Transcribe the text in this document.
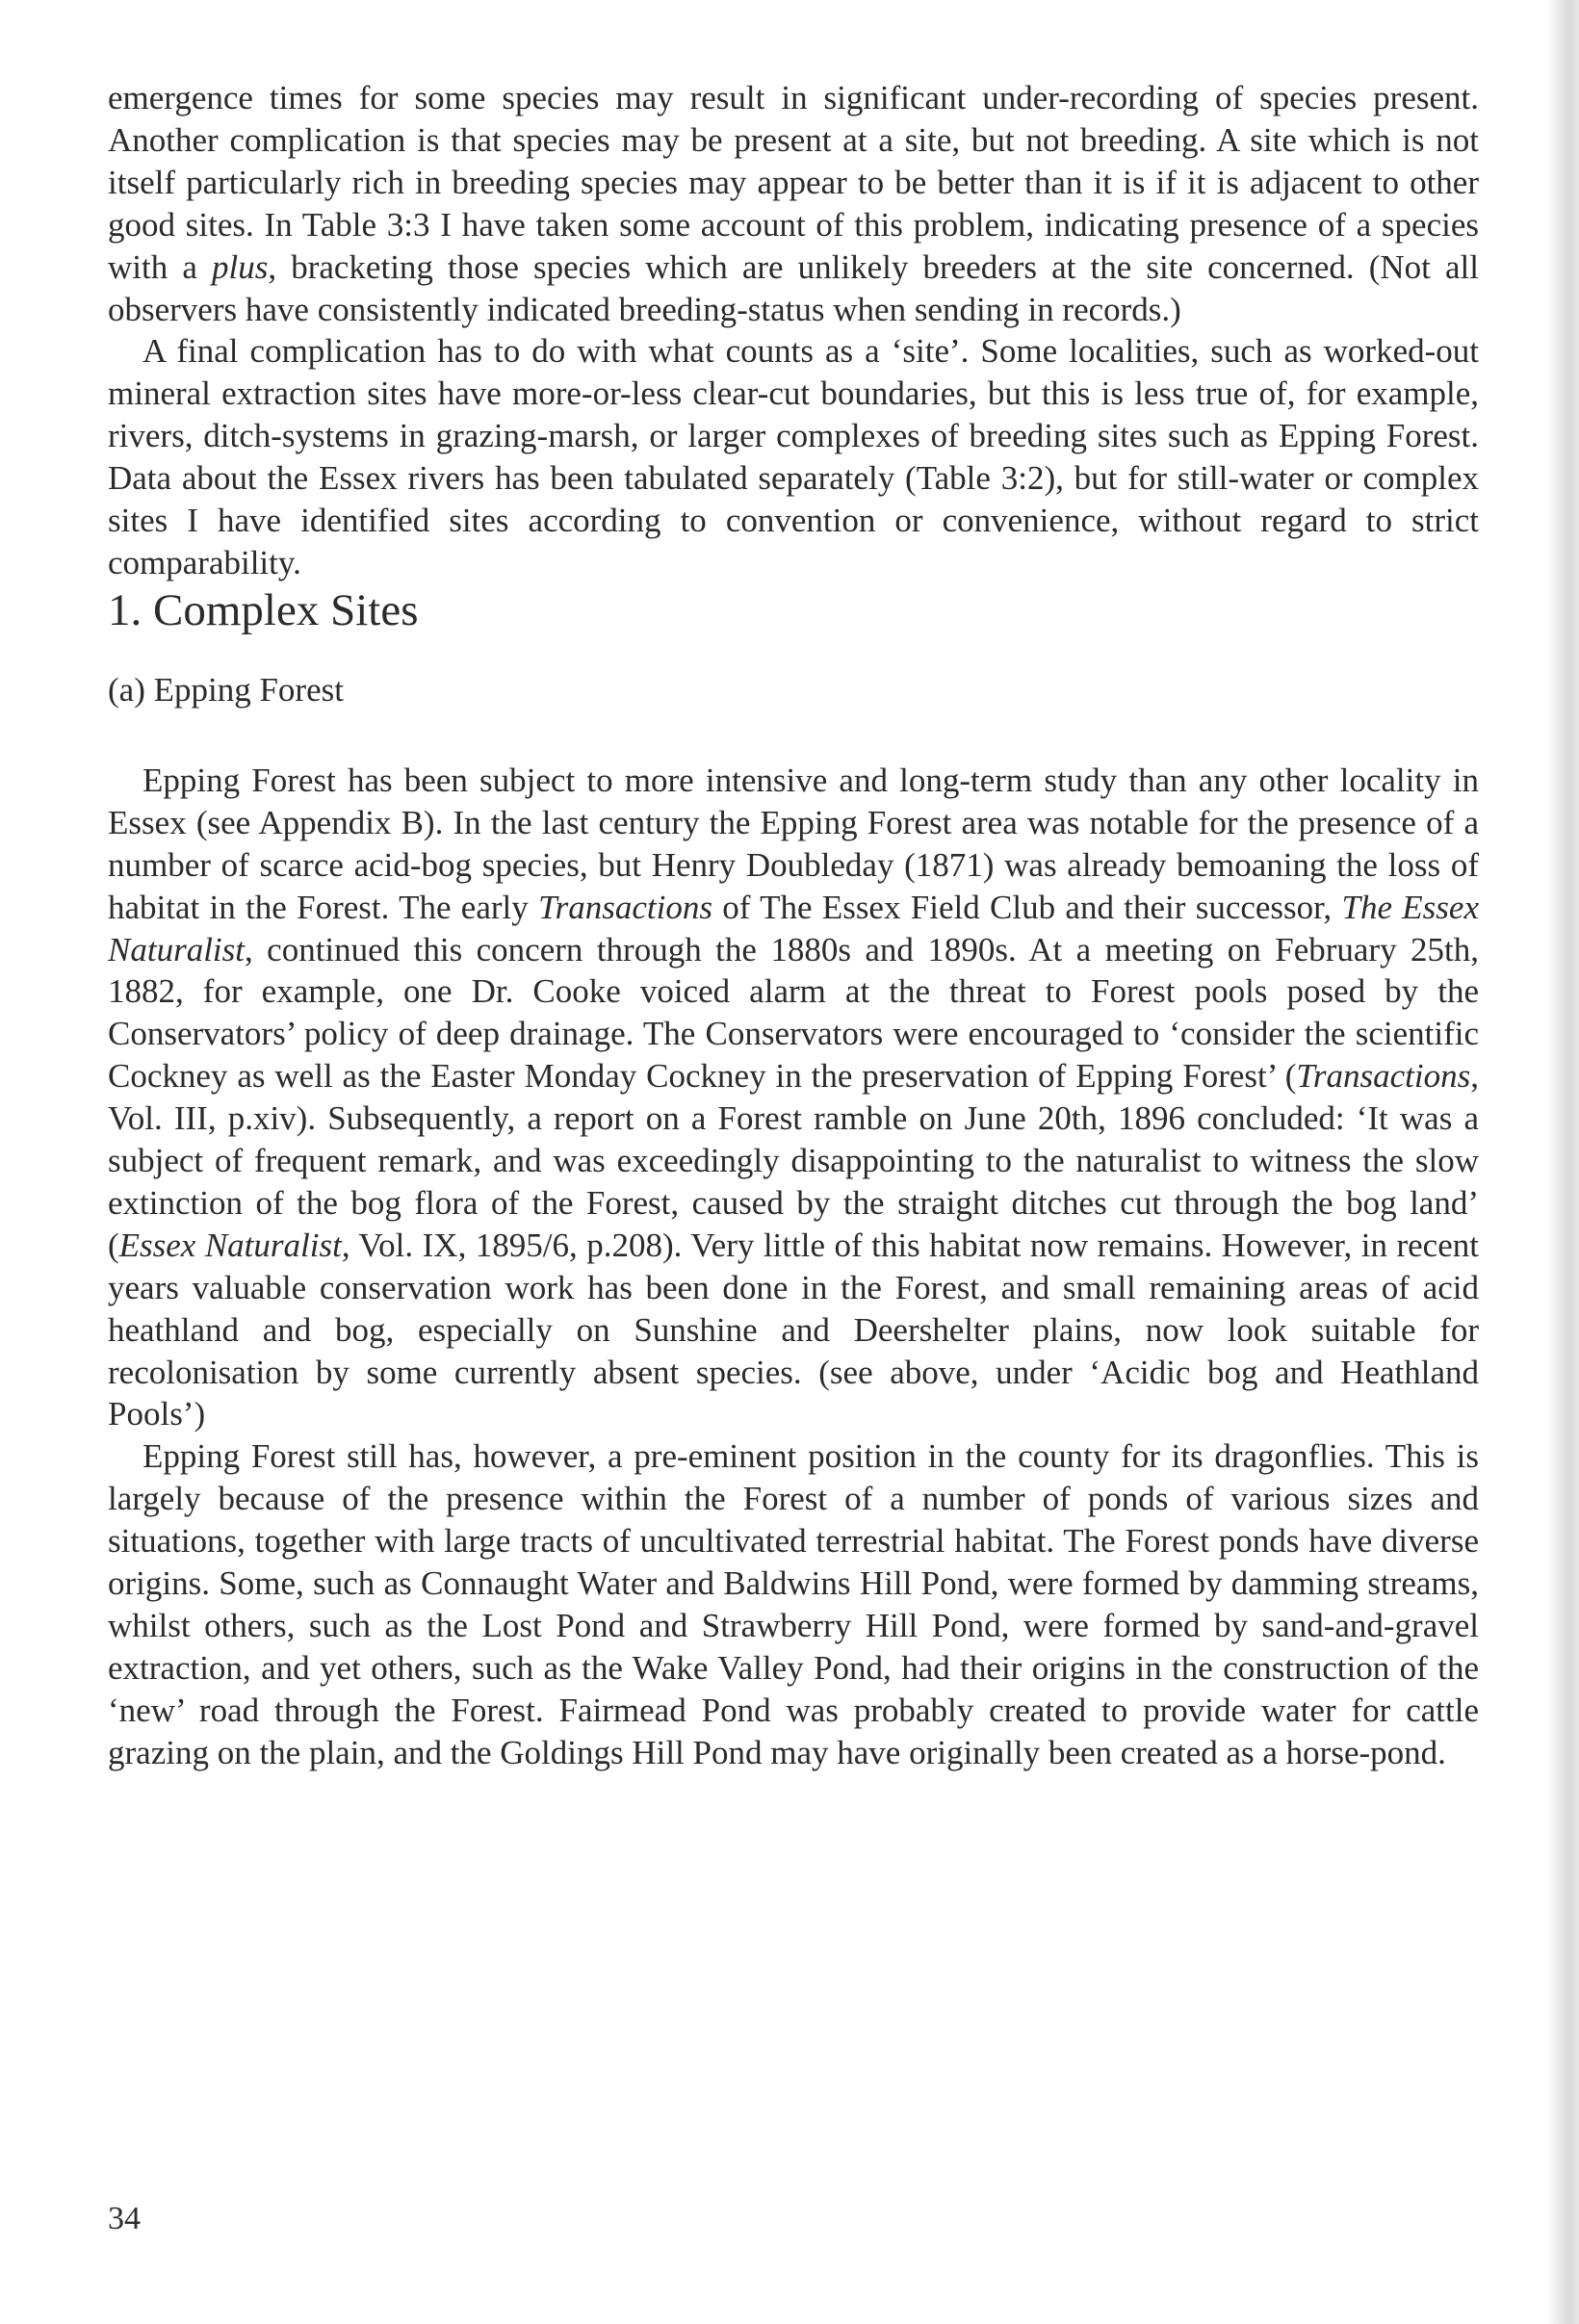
emergence times for some species may result in significant under-recording of species present. Another complication is that species may be present at a site, but not breeding. A site which is not itself particularly rich in breeding species may appear to be better than it is if it is adjacent to other good sites. In Table 3:3 I have taken some account of this problem, indicating presence of a species with a plus, bracketing those species which are unlikely breeders at the site concerned. (Not all observers have consistently indicated breeding-status when sending in records.)

A final complication has to do with what counts as a ‘site’. Some localities, such as worked-out mineral extraction sites have more-or-less clear-cut boundaries, but this is less true of, for example, rivers, ditch-systems in grazing-marsh, or larger complexes of breeding sites such as Epping Forest. Data about the Essex rivers has been tabulated separately (Table 3:2), but for still-water or complex sites I have identified sites according to convention or convenience, without regard to strict comparability.

1. Complex Sites
(a) Epping Forest

Epping Forest has been subject to more intensive and long-term study than any other locality in Essex (see Appendix B). In the last century the Epping Forest area was notable for the presence of a number of scarce acid-bog species, but Henry Doubleday (1871) was already bemoaning the loss of habitat in the Forest. The early Transactions of The Essex Field Club and their successor, The Essex Naturalist, continued this concern through the 1880s and 1890s. At a meeting on February 25th, 1882, for example, one Dr. Cooke voiced alarm at the threat to Forest pools posed by the Conservators’ policy of deep drainage. The Conservators were encouraged to ‘consider the scientific Cockney as well as the Easter Monday Cockney in the preservation of Epping Forest’ (Transactions, Vol. III, p.xiv). Subsequently, a report on a Forest ramble on June 20th, 1896 concluded: ‘It was a subject of frequent remark, and was exceedingly disappointing to the naturalist to witness the slow extinction of the bog flora of the Forest, caused by the straight ditches cut through the bog land’ (Essex Naturalist, Vol. IX, 1895/6, p.208). Very little of this habitat now remains. However, in recent years valuable conservation work has been done in the Forest, and small remaining areas of acid heathland and bog, especially on Sunshine and Deershelter plains, now look suitable for recolonisation by some currently absent species. (see above, under ‘Acidic bog and Heathland Pools’)

Epping Forest still has, however, a pre-eminent position in the county for its dragonflies. This is largely because of the presence within the Forest of a number of ponds of various sizes and situations, together with large tracts of uncultivated terrestrial habitat. The Forest ponds have diverse origins. Some, such as Connaught Water and Baldwins Hill Pond, were formed by damming streams, whilst others, such as the Lost Pond and Strawberry Hill Pond, were formed by sand-and-gravel extraction, and yet others, such as the Wake Valley Pond, had their origins in the construction of the ‘new’ road through the Forest. Fairmead Pond was probably created to provide water for cattle grazing on the plain, and the Goldings Hill Pond may have originally been created as a horse-pond.

34
